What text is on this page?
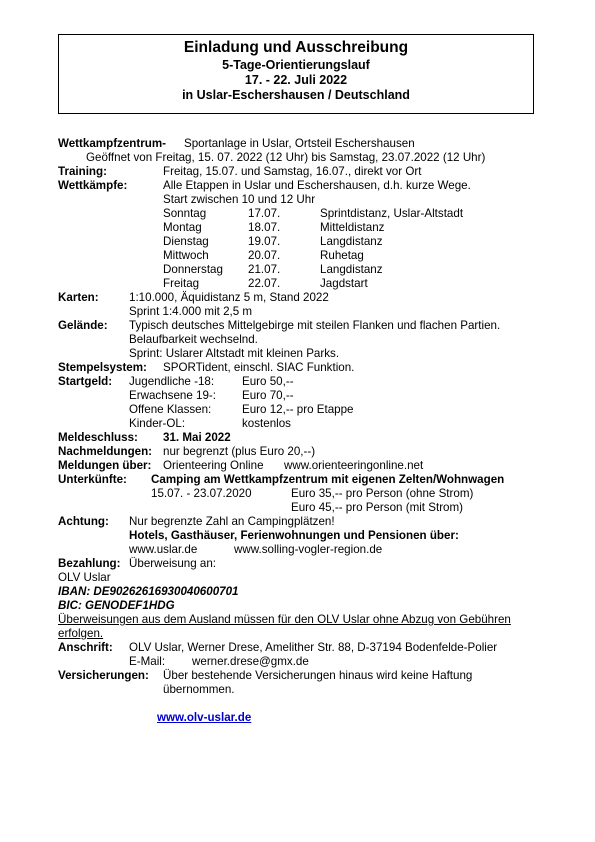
Einladung und Ausschreibung
5-Tage-Orientierungslauf
17. - 22. Juli 2022
in Uslar-Eschershausen / Deutschland
Wettkampfzentrum- Sportanlage in Uslar, Ortsteil Eschershausen
Geöffnet von Freitag, 15. 07. 2022 (12 Uhr) bis Samstag, 23.07.2022 (12 Uhr)
Training:	Freitag, 15.07. und Samstag, 16.07., direkt vor Ort
Wettkämpfe:	Alle Etappen in Uslar und Eschershausen, d.h. kurze Wege.
Start zwischen 10 und 12 Uhr
Sonntag	17.07.	Sprintdistanz, Uslar-Altstadt
Montag	18.07.	Mitteldistanz
Dienstag	19.07.	Langdistanz
Mittwoch	20.07.	Ruhetag
Donnerstag 21.07.	Langdistanz
Freitag	22.07.	Jagdstart
Karten:	1:10.000, Äquidistanz 5 m, Stand 2022
Sprint 1:4.000 mit 2,5 m
Gelände: Typisch deutsches Mittelgebirge mit steilen Flanken und flachen Partien.
Belaufbarkeit wechselnd.
Sprint: Uslarer Altstadt mit kleinen Parks.
Stempelsystem: SPORTident, einschl. SIAC Funktion.
Startgeld: Jugendliche -18: Euro 50,--
Erwachsene 19-: Euro 70,--
Offene Klassen:	Euro 12,-- pro Etappe
Kinder-OL:	kostenlos
Meldeschluss: 31. Mai 2022
Nachmeldungen: nur begrenzt (plus Euro 20,--)
Meldungen über: Orienteering Online www.orienteeringonline.net
Unterkünfte: Camping am Wettkampfzentrum mit eigenen Zelten/Wohnwagen
15.07. - 23.07.2020	Euro 35,-- pro Person (ohne Strom)
Euro 45,-- pro Person (mit Strom)
Achtung: Nur begrenzte Zahl an Campingplätzen!
Hotels, Gasthäuser, Ferienwohnungen und Pensionen über:
www.uslar.de	www.solling-vogler-region.de
Bezahlung: Überweisung an:
OLV Uslar
IBAN: DE90262616930040600701
BIC: GENODEF1HDG
Überweisungen aus dem Ausland müssen für den OLV Uslar ohne Abzug von Gebühren
erfolgen.
Anschrift: OLV Uslar, Werner Drese, Amelither Str. 88, D-37194 Bodenfelde-Polier
E-Mail: werner.drese@gmx.de
Versicherungen: Über bestehende Versicherungen hinaus wird keine Haftung
übernommen.
www.olv-uslar.de
